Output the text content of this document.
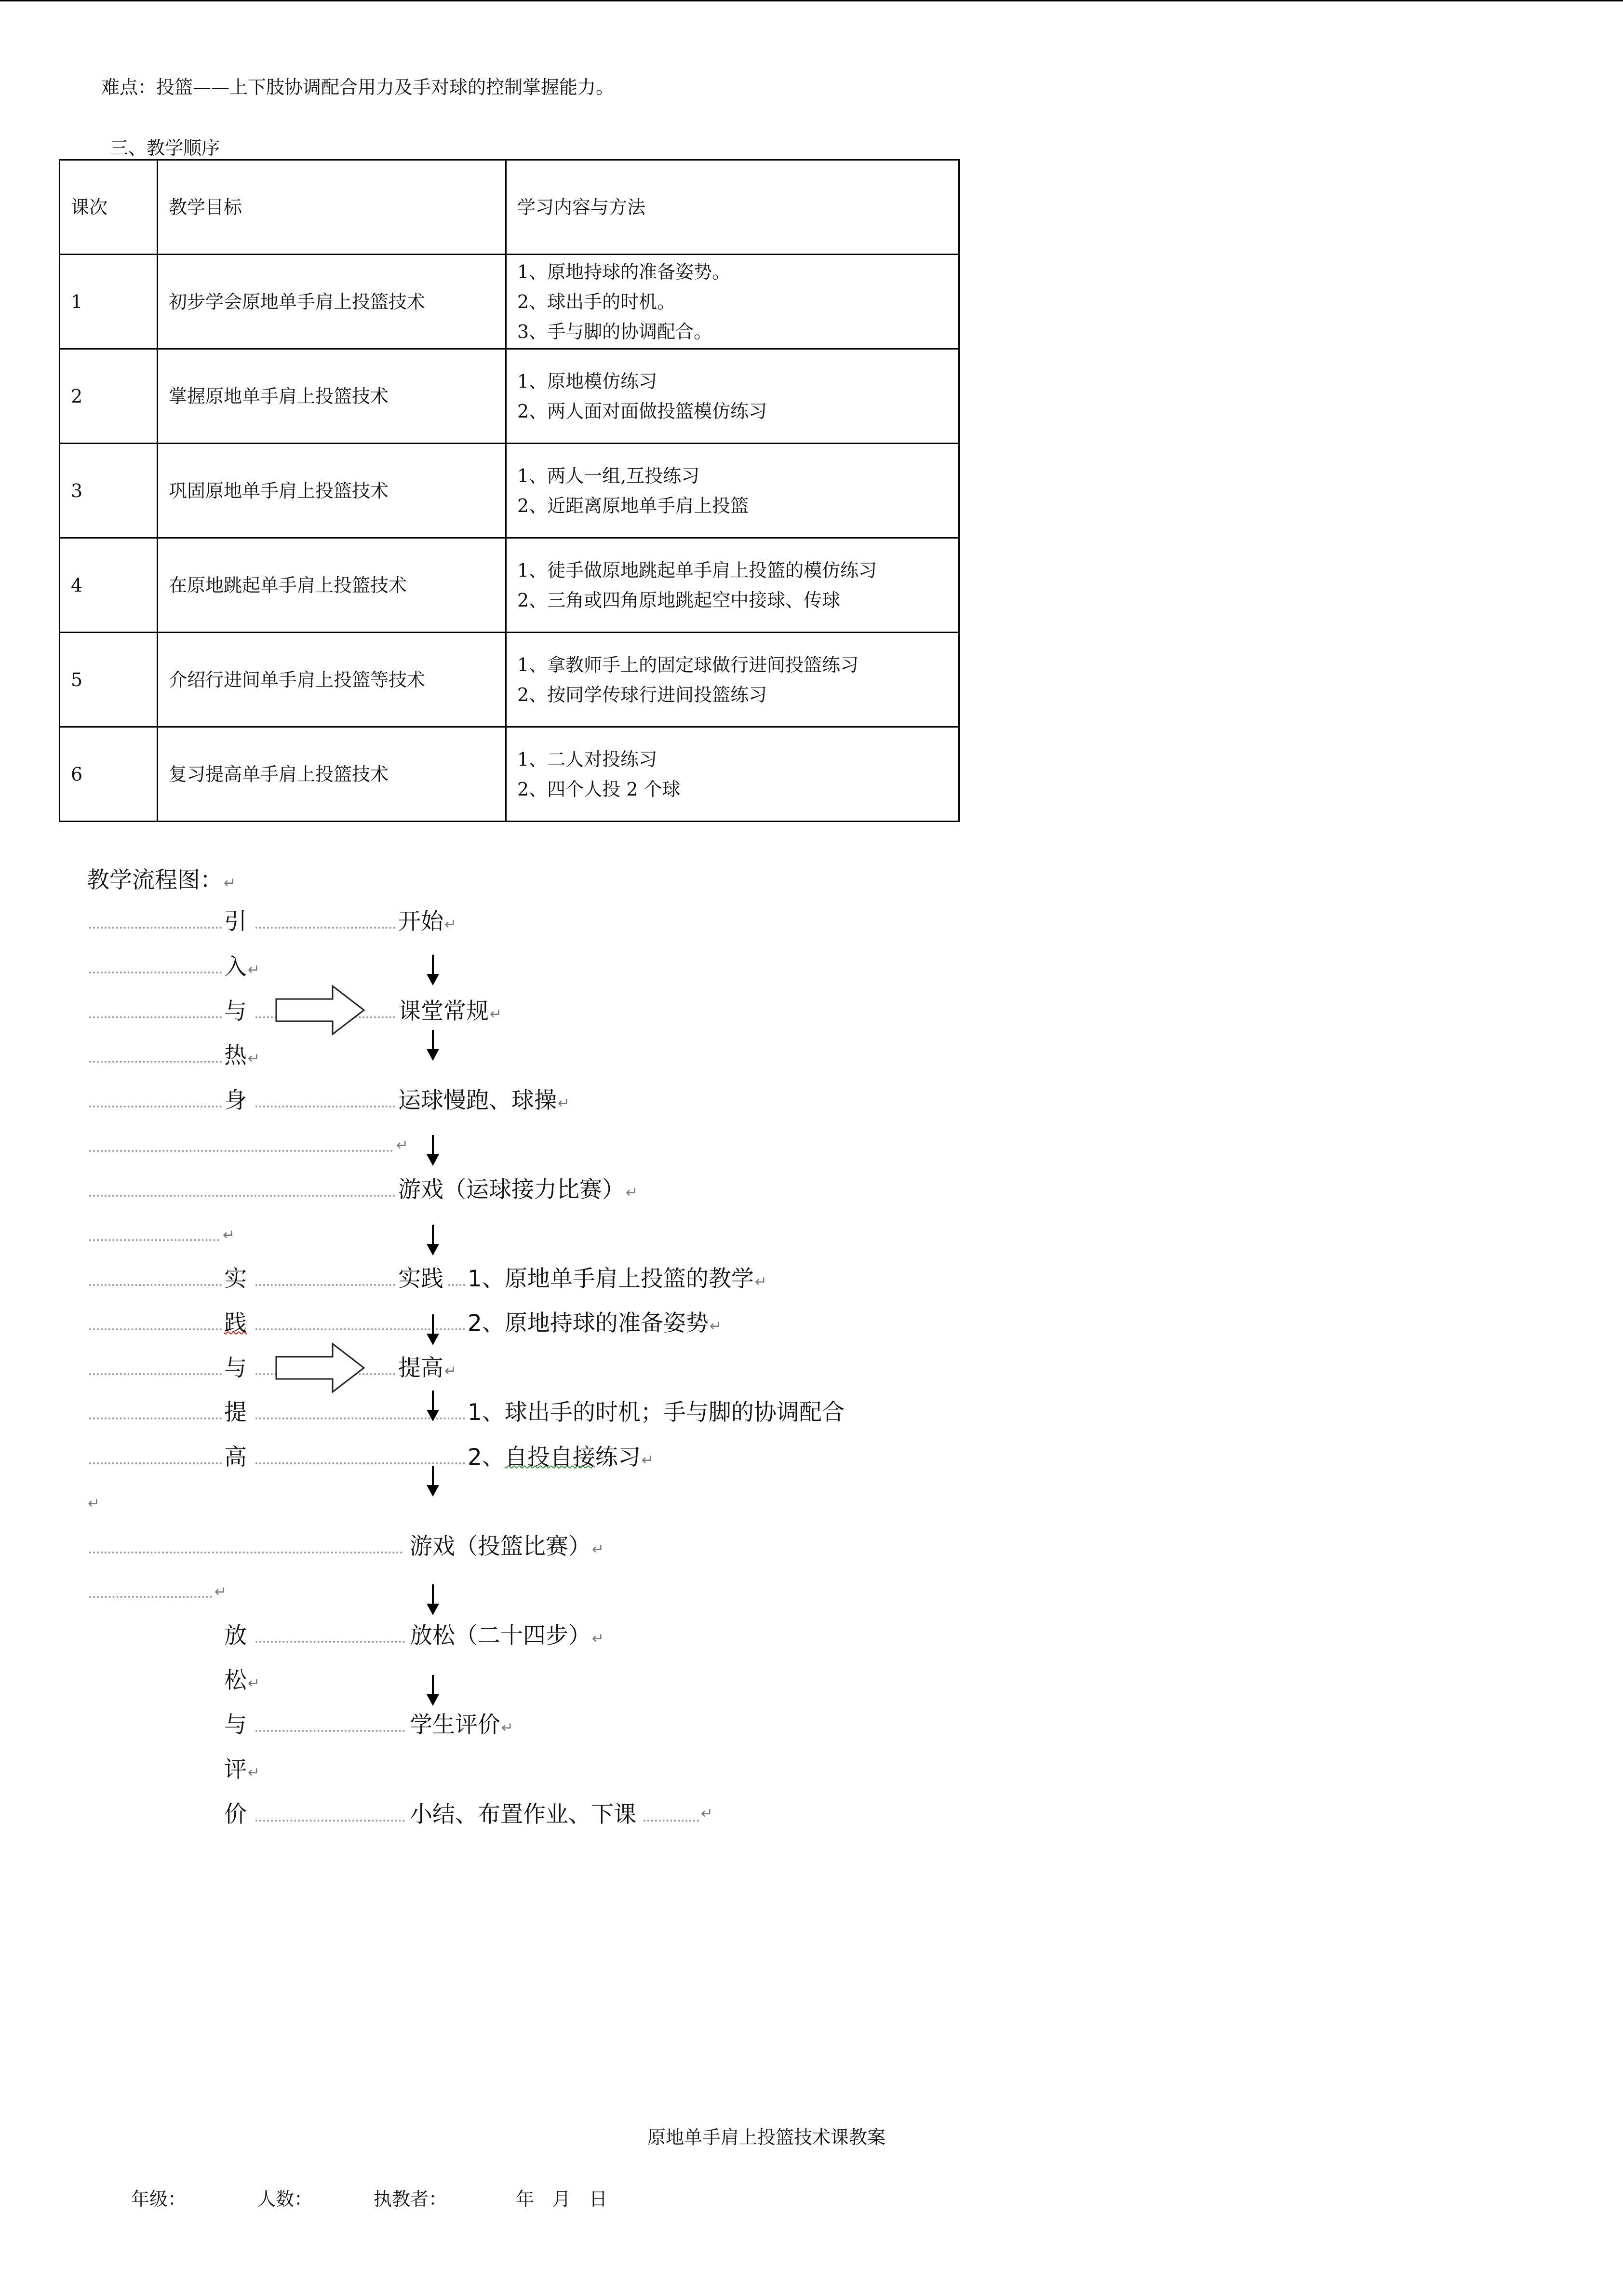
难点：投篮——上下肢协调配合用力及手对球的控制掌握能力。
三、教学顺序
课次	教学目标	学习内容与方法
1	初步学会原地单手肩上投篮技术	1、原地持球的准备姿势。
2、球出手的时机。
3、手与脚的协调配合。

2	掌握原地单手肩上投篮技术	1、原地模仿练习
2、两人面对面做投篮模仿练习

3	巩固原地单手肩上投篮技术	1、两人一组,互投练习
2、近距离原地单手肩上投篮

4	在原地跳起单手肩上投篮技术	1、徒手做原地跳起单手肩上投篮的模仿练习
2、三角或四角原地跳起空中接球、传球

5	介绍行进间单手肩上投篮等技术	1、拿教师手上的固定球做行进间投篮练习
2、按同学传球行进间投篮练习

6	复习提高单手肩上投篮技术	1、二人对投练习
2、四个人投 2 个球
教学流程图：↵
引	开始↵
入↵
与	课堂常规↵
热↵
身	运球慢跑、球操↵
↵
游戏（运球接力比赛）↵
↵
实	实践 1、原地单手肩上投篮的教学↵
践	2、原地持球的准备姿势↵
与	提高↵
提	1、球出手的时机；手与脚的协调配合
高	2、自投自接练习↵
↵
游戏（投篮比赛）↵
↵
放	放松（二十四步）↵
松↵
与	学生评价↵
评↵
价	小结、布置作业、下课	↵
原地单手肩上投篮技术课教案
年级：	人数：	执教者：	年　月　日
